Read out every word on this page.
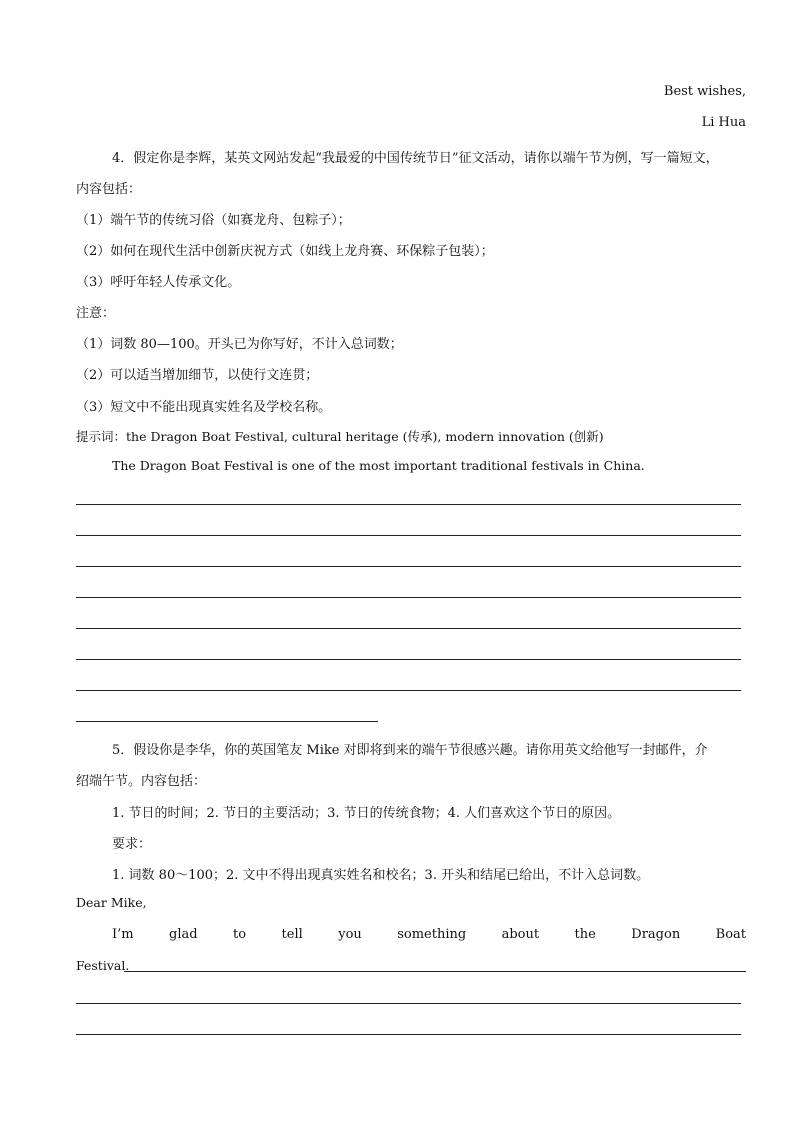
Best wishes,
Li Hua
4．假定你是李辉，某英文网站发起“我最爱的中国传统节日”征文活动，请你以端午节为例，写一篇短文，
内容包括：
（1）端午节的传统习俗（如赛龙舟、包粽子）；
（2）如何在现代生活中创新庆祝方式（如线上龙舟赛、环保粽子包装）；
（3）呼吁年轻人传承文化。
注意：
（1）词数 80—100。开头已为你写好，不计入总词数；
（2）可以适当增加细节，以使行文连贯；
（3）短文中不能出现真实姓名及学校名称。
提示词：the Dragon Boat Festival, cultural heritage (传承), modern innovation (创新)
The Dragon Boat Festival is one of the most important traditional festivals in China.
5．假设你是李华，你的英国笔友 Mike 对即将到来的端午节很感兴趣。请你用英文给他写一封邮件，介
绍端午节。内容包括：
1. 节日的时间；2. 节日的主要活动；3. 节日的传统食物；4. 人们喜欢这个节日的原因。
要求：
1. 词数 80～100；2. 文中不得出现真实姓名和校名；3. 开头和结尾已给出，不计入总词数。
Dear Mike,
I’m	glad	to	tell	you	something	about	the	Dragon	Boat
Festival.
